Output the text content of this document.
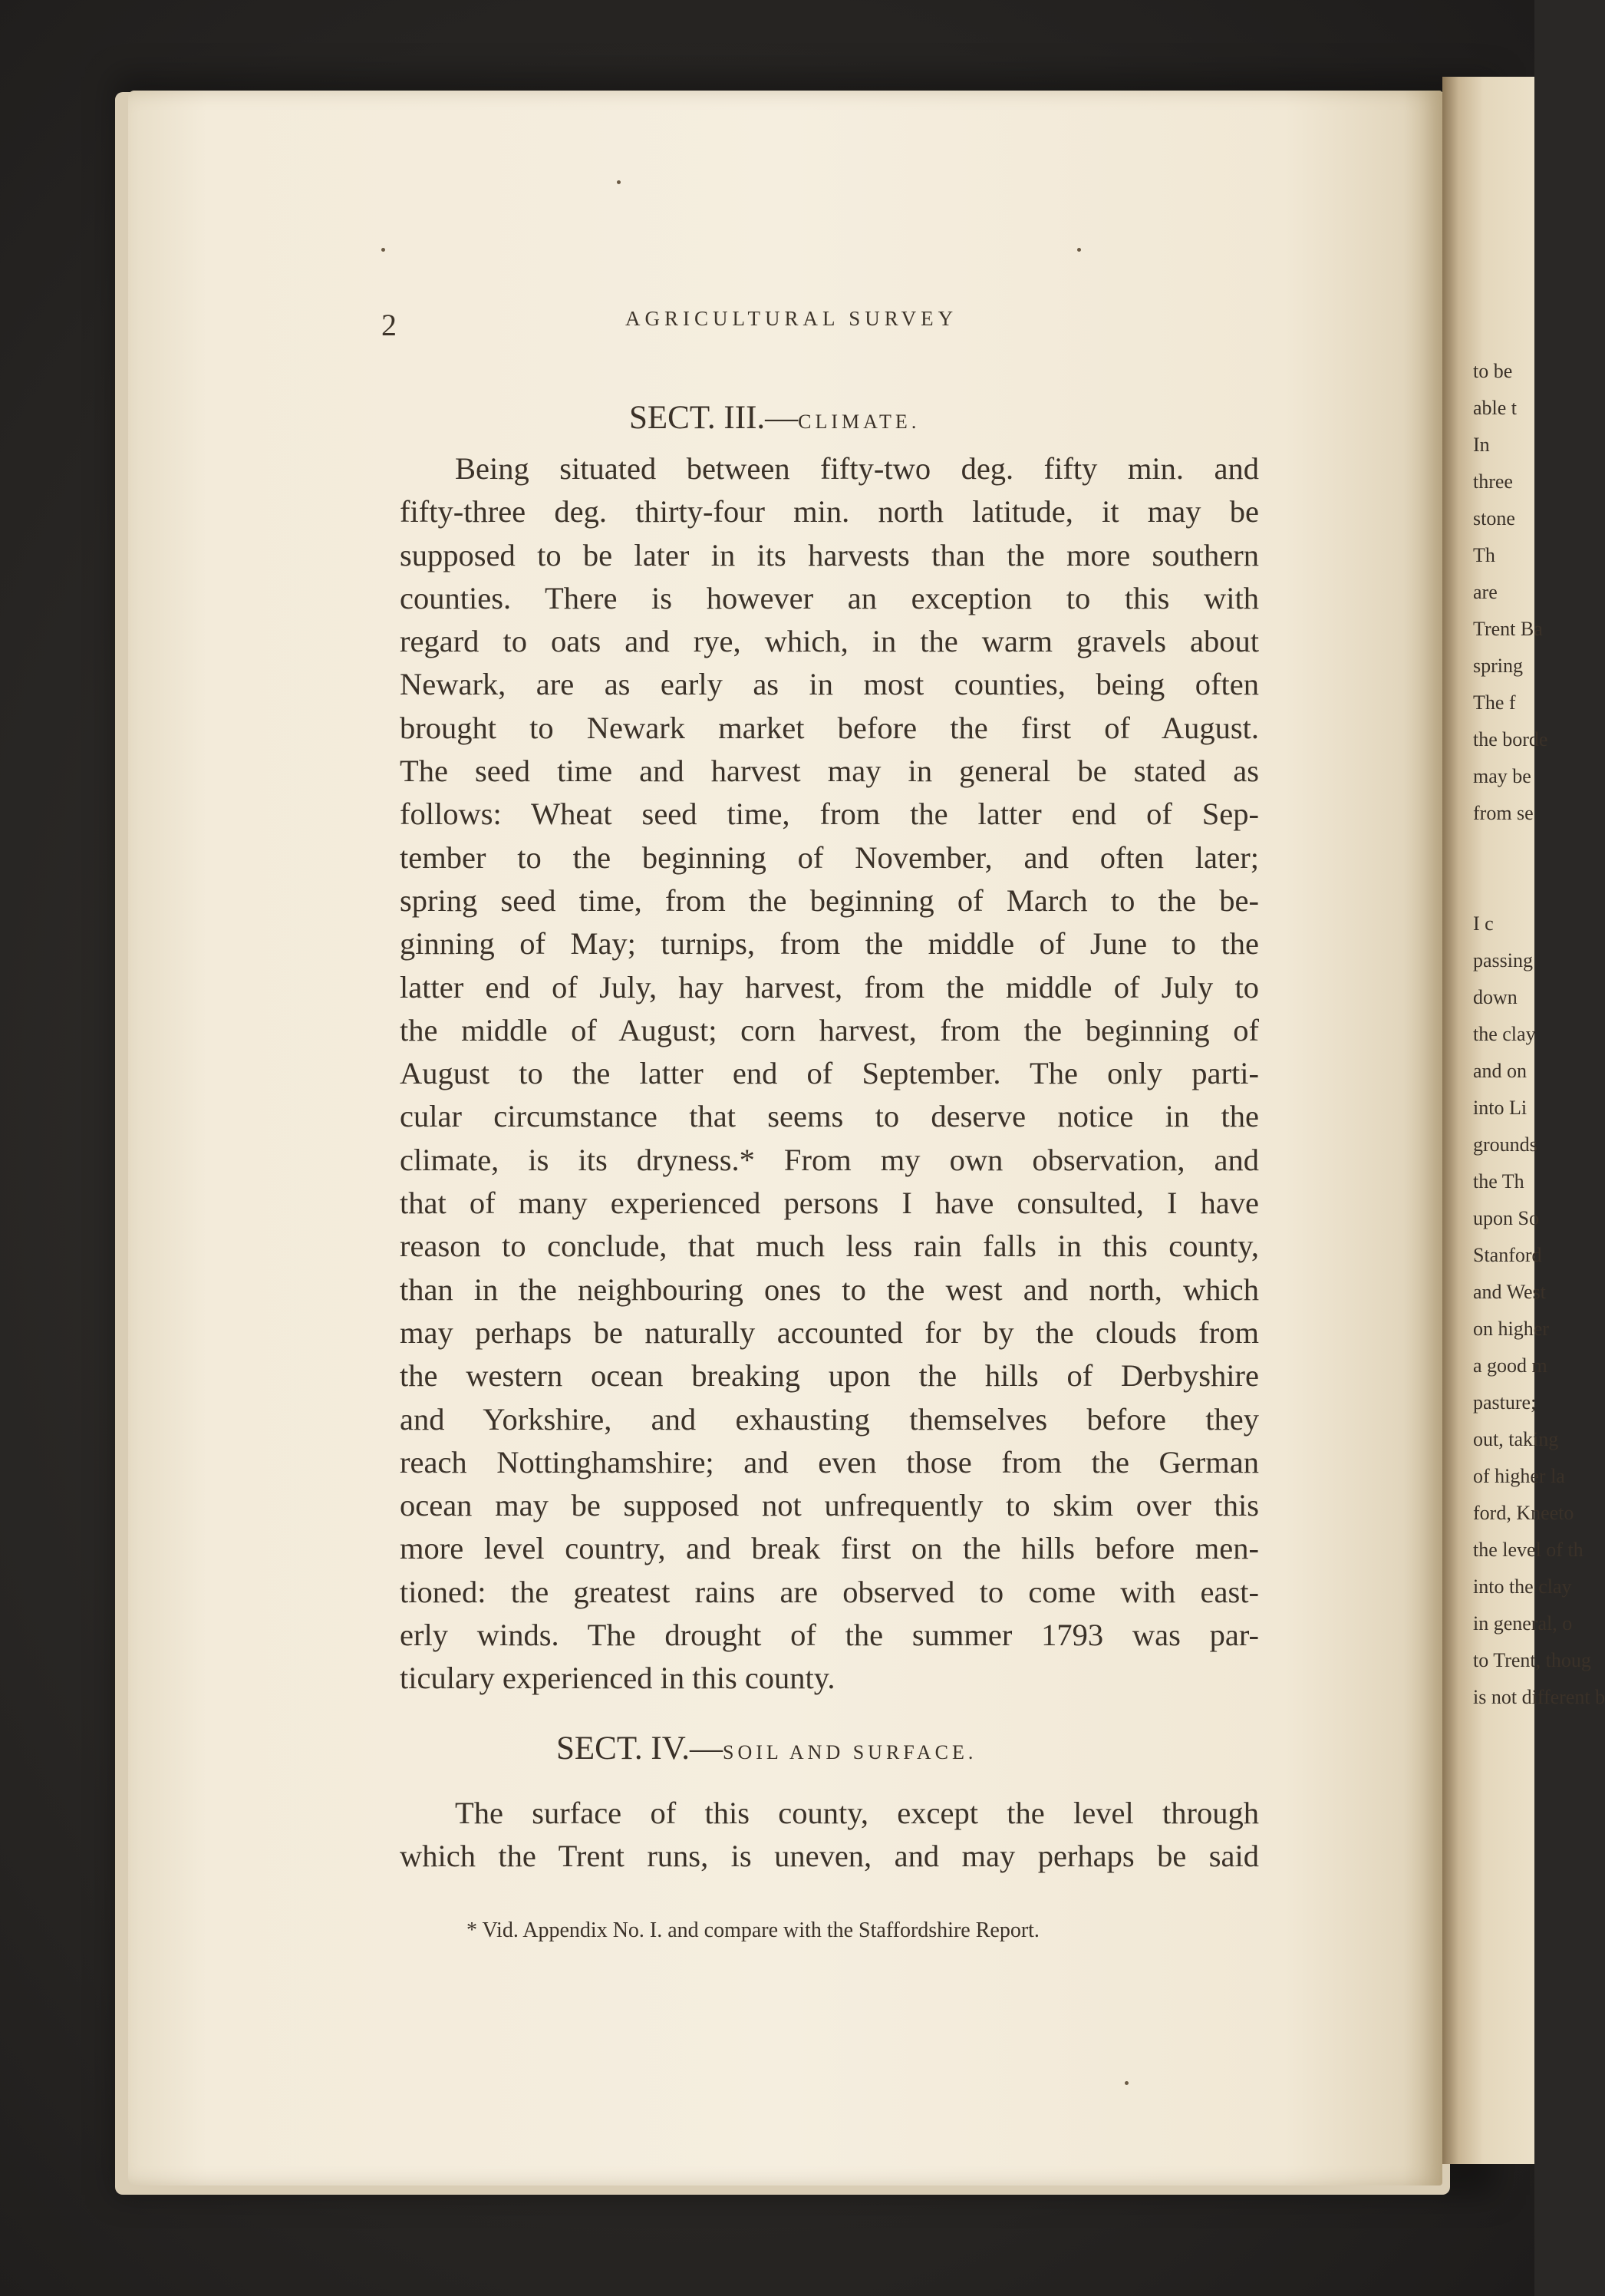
to be
able t
In
three
stone
Th
are
Trent Ba
spring
The f
the borde
may be
from se
I c
passing
down
the clay
and on
into Li
grounds
the Th
upon So
Stanford
and West
on higher
a good m
pasture;
out, taking
of higher la
ford, Kneeto
the level of th
into the clay
in general, o
to Trent, thoug
is not different b
2	AGRICULTURAL SURVEY
SECT. III.—CLIMATE.
Being situated between fifty-two deg. fifty min. and
fifty-three deg. thirty-four min. north latitude, it may be
supposed to be later in its harvests than the more southern
counties. There is however an exception to this with
regard to oats and rye, which, in the warm gravels about
Newark, are as early as in most counties, being often
brought to Newark market before the first of August.
The seed time and harvest may in general be stated as
follows: Wheat seed time, from the latter end of Sep-
tember to the beginning of November, and often later;
spring seed time, from the beginning of March to the be-
ginning of May; turnips, from the middle of June to the
latter end of July, hay harvest, from the middle of July to
the middle of August; corn harvest, from the beginning of
August to the latter end of September. The only parti-
cular circumstance that seems to deserve notice in the
climate, is its dryness.* From my own observation, and
that of many experienced persons I have consulted, I have
reason to conclude, that much less rain falls in this county,
than in the neighbouring ones to the west and north, which
may perhaps be naturally accounted for by the clouds from
the western ocean breaking upon the hills of Derbyshire
and Yorkshire, and exhausting themselves before they
reach Nottinghamshire; and even those from the German
ocean may be supposed not unfrequently to skim over this
more level country, and break first on the hills before men-
tioned: the greatest rains are observed to come with east-
erly winds. The drought of the summer 1793 was par-
ticulary experienced in this county.
SECT. IV.—SOIL AND SURFACE.
The surface of this county, except the level through
which the Trent runs, is uneven, and may perhaps be said
* Vid. Appendix No. I. and compare with the Staffordshire Report.
